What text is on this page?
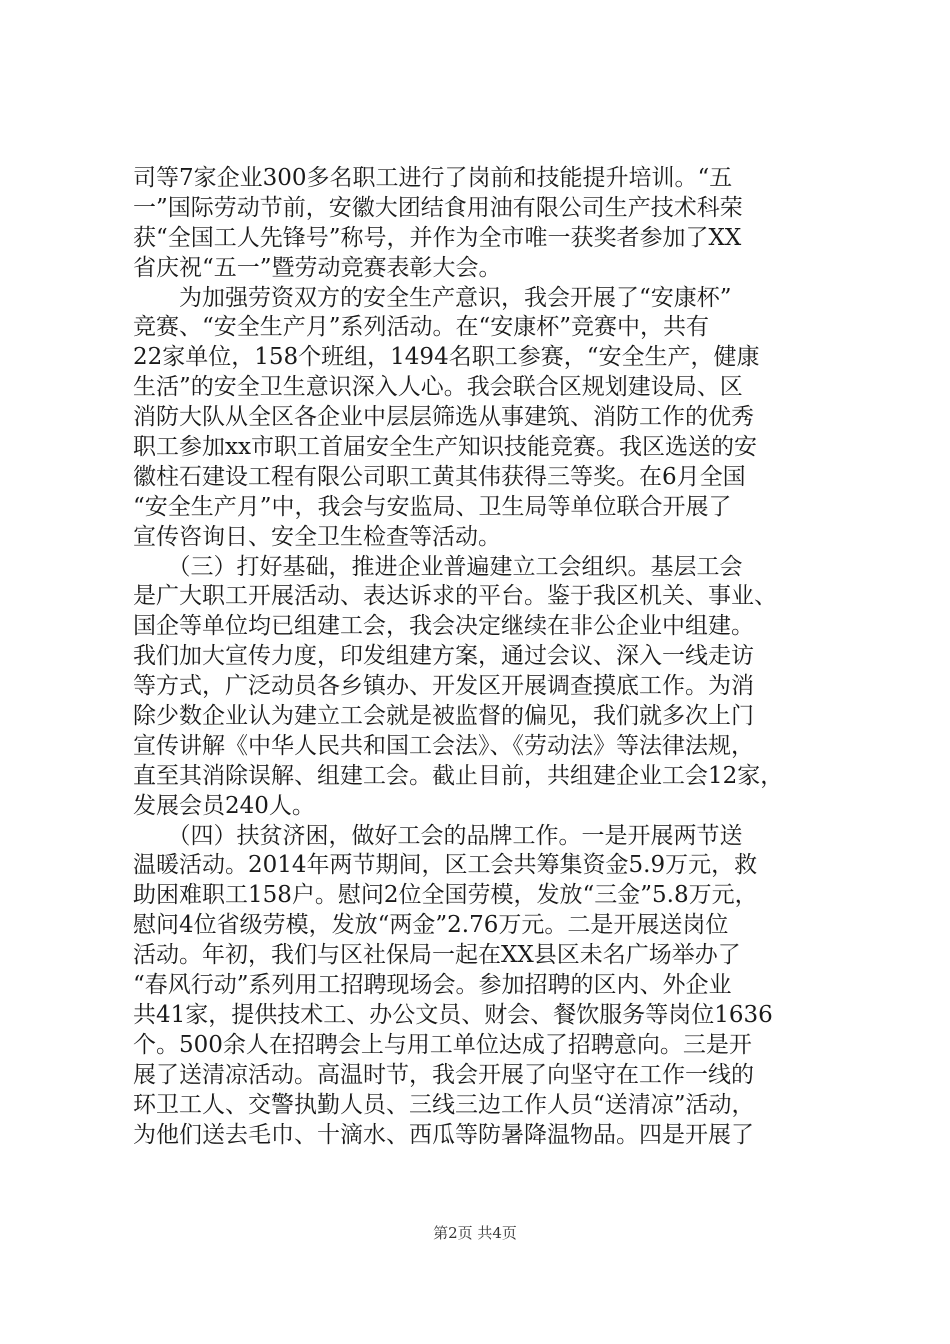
司等7家企业300多名职工进行了岗前和技能提升培训。“五
一”国际劳动节前，安徽大团结食用油有限公司生产技术科荣
获“全国工人先锋号”称号，并作为全市唯一获奖者参加了XX
省庆祝“五一”暨劳动竞赛表彰大会。
　　为加强劳资双方的安全生产意识，我会开展了“安康杯”
竞赛、“安全生产月”系列活动。在“安康杯”竞赛中，共有
22家单位，158个班组，1494名职工参赛，“安全生产，健康
生活”的安全卫生意识深入人心。我会联合区规划建设局、区
消防大队从全区各企业中层层筛选从事建筑、消防工作的优秀
职工参加xx市职工首届安全生产知识技能竞赛。我区选送的安
徽柱石建设工程有限公司职工黄其伟获得三等奖。在6月全国
“安全生产月”中，我会与安监局、卫生局等单位联合开展了
宣传咨询日、安全卫生检查等活动。
　　（三）打好基础，推进企业普遍建立工会组织。基层工会
是广大职工开展活动、表达诉求的平台。鉴于我区机关、事业、
国企等单位均已组建工会，我会决定继续在非公企业中组建。
我们加大宣传力度，印发组建方案，通过会议、深入一线走访
等方式，广泛动员各乡镇办、开发区开展调查摸底工作。为消
除少数企业认为建立工会就是被监督的偏见，我们就多次上门
宣传讲解《中华人民共和国工会法》、《劳动法》等法律法规，
直至其消除误解、组建工会。截止目前，共组建企业工会12家，
发展会员240人。
　　（四）扶贫济困，做好工会的品牌工作。一是开展两节送
温暖活动。2014年两节期间，区工会共筹集资金5.9万元，救
助困难职工158户。慰问2位全国劳模，发放“三金”5.8万元，
慰问4位省级劳模，发放“两金”2.76万元。二是开展送岗位
活动。年初，我们与区社保局一起在XX县区未名广场举办了
“春风行动”系列用工招聘现场会。参加招聘的区内、外企业
共41家，提供技术工、办公文员、财会、餐饮服务等岗位1636
个。500余人在招聘会上与用工单位达成了招聘意向。三是开
展了送清凉活动。高温时节，我会开展了向坚守在工作一线的
环卫工人、交警执勤人员、三线三边工作人员“送清凉”活动，
为他们送去毛巾、十滴水、西瓜等防暑降温物品。四是开展了
第2页 共4页
